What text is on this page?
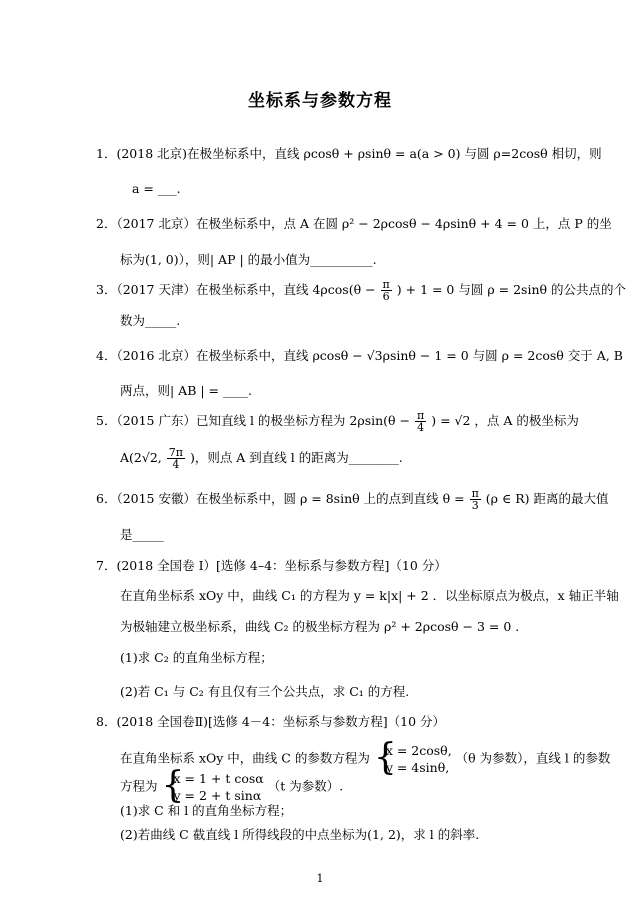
坐标系与参数方程
1．(2018 北京)在极坐标系中，直线 ρcosθ + ρsinθ = a(a > 0) 与圆 ρ=2cosθ 相切，则
a = ___.
2．（2017 北京）在极坐标系中，点 A 在圆 ρ² − 2ρcosθ − 4ρsinθ + 4 = 0 上，点 P 的坐
标为(1, 0)），则| AP | 的最小值为__________.
3．（2017 天津）在极坐标系中，直线 $4\rho\cos(\theta - \frac{\pi}{6}$ ) + 1 = 0 与圆 ρ = 2sinθ 的公共点的个
数为_____.
4．（2016 北京）在极坐标系中，直线 ρcosθ − √3ρsinθ − 1 = 0 与圆 ρ = 2cosθ 交于 A, B
两点，则| AB | = ____.
5．（2015 广东）已知直线 l 的极坐标方程为 $2\rho\sin(\theta - \frac{\pi}{4}$ ) = √2 ，点 A 的极坐标为
A(2√2, $\frac{7\pi}{4}$ )，则点 A 到直线 l 的距离为________.
6．（2015 安徽）在极坐标系中，圆 ρ = 8sinθ 上的点到直线 $\theta = \frac{\pi}{3} (\rho$ ∈ R) 距离的最大值
是_____
7．(2018 全国卷 I）[选修 4–4：坐标系与参数方程]（10 分）
在直角坐标系 xOy 中，曲线 C₁ 的方程为 y = k|x| + 2 ．以坐标原点为极点，x 轴正半轴
为极轴建立极坐标系，曲线 C₂ 的极坐标方程为 ρ² + 2ρcosθ − 3 = 0 .
(1)求 C₂ 的直角坐标方程；
(2)若 C₁ 与 C₂ 有且仅有三个公共点，求 C₁ 的方程.
8．(2018 全国卷Ⅱ)[选修 4－4：坐标系与参数方程]（10 分）
在直角坐标系 xOy 中，曲线 C 的参数方程为 {
x = 2cosθ,
y = 4sinθ,
（θ 为参数），直线 l 的参数
方程为 {
x = 1 + t cosα
y = 2 + t sinα
（t 为参数）.
1
(1)求 C 和 l 的直角坐标方程；
(2)若曲线 C 截直线 l 所得线段的中点坐标为(1, 2)，求 l 的斜率.
